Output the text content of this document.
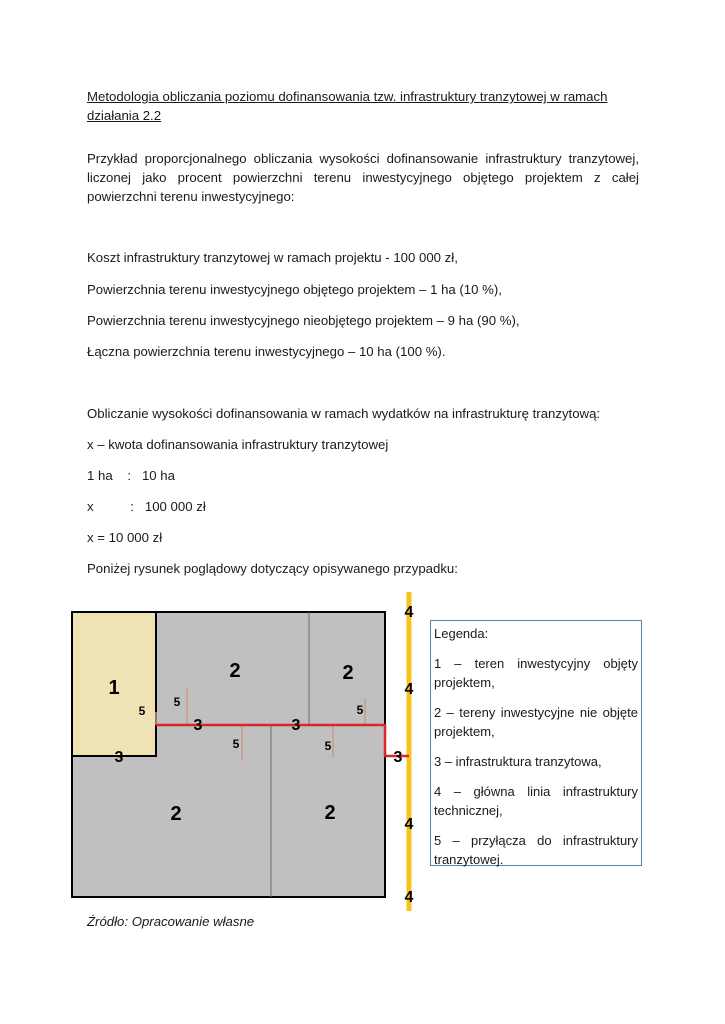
Metodologia obliczania poziomu dofinansowania tzw. infrastruktury tranzytowej w ramach działania 2.2

Przykład proporcjonalnego obliczania wysokości dofinansowanie infrastruktury tranzytowej, liczonej jako procent powierzchni terenu inwestycyjnego objętego projektem z całej powierzchni terenu inwestycyjnego:

Koszt infrastruktury tranzytowej w ramach projektu - 100 000 zł,
Powierzchnia terenu inwestycyjnego objętego projektem – 1 ha (10 %),
Powierzchnia terenu inwestycyjnego nieobjętego projektem – 9 ha (90 %),
Łączna powierzchnia terenu inwestycyjnego – 10 ha (100 %).
Obliczanie wysokości dofinansowania w ramach wydatków na infrastrukturę tranzytową:
x – kwota dofinansowania infrastruktury tranzytowej
1 ha    :   10 ha
x          :   100 000 zł
x = 10 000 zł
Poniżej rysunek poglądowy dotyczący opisywanego przypadku:
1
2	2
2	2
3	3
3	3
4
4
4
4
5
5
5	5
5
Legenda:
1 – teren inwestycyjny objęty projektem,
2 – tereny inwestycyjne nie objęte projektem,
3 – infrastruktura tranzytowa,
4 – główna linia infrastruktury technicznej,
5 – przyłącza do infrastruktury tranzytowej.
Źródło: Opracowanie własne
